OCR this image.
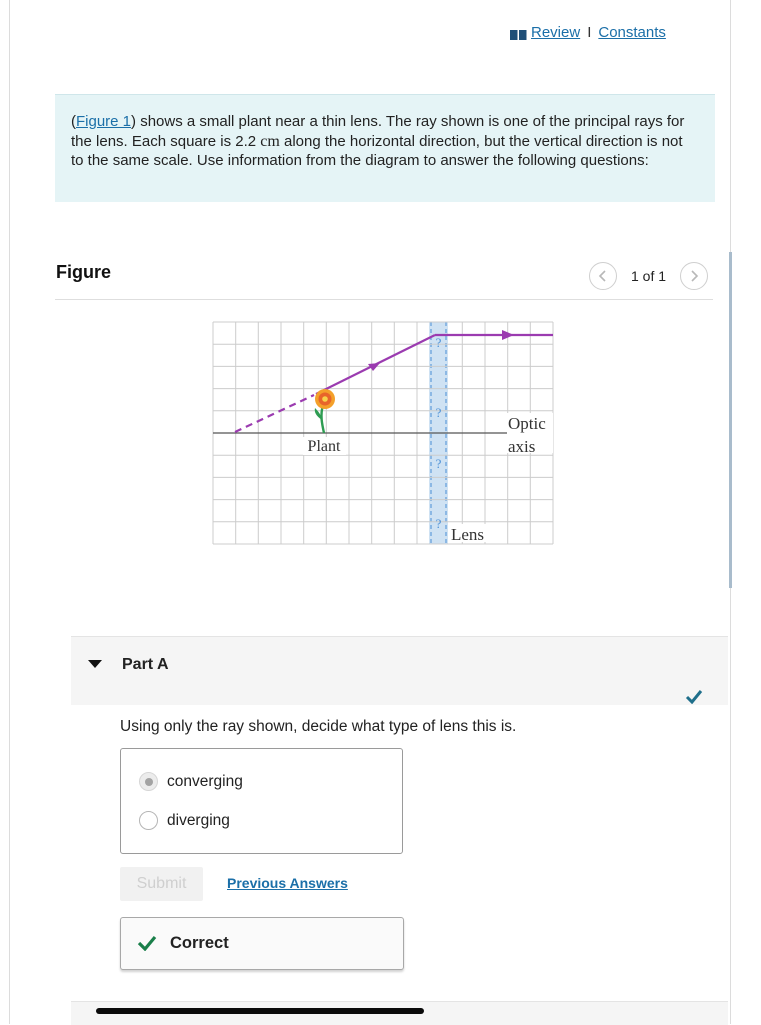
Review I Constants
(Figure 1) shows a small plant near a thin lens. The ray shown is one of the principal rays for the lens. Each square is 2.2 cm along the horizontal direction, but the vertical direction is not to the same scale. Use information from the diagram to answer the following questions:
Figure	1 of 1
?
?
?
?
Plant
Optic
axis
Lens
Part A
Using only the ray shown, decide what type of lens this is.
converging
diverging
Submit	Previous Answers
Correct
